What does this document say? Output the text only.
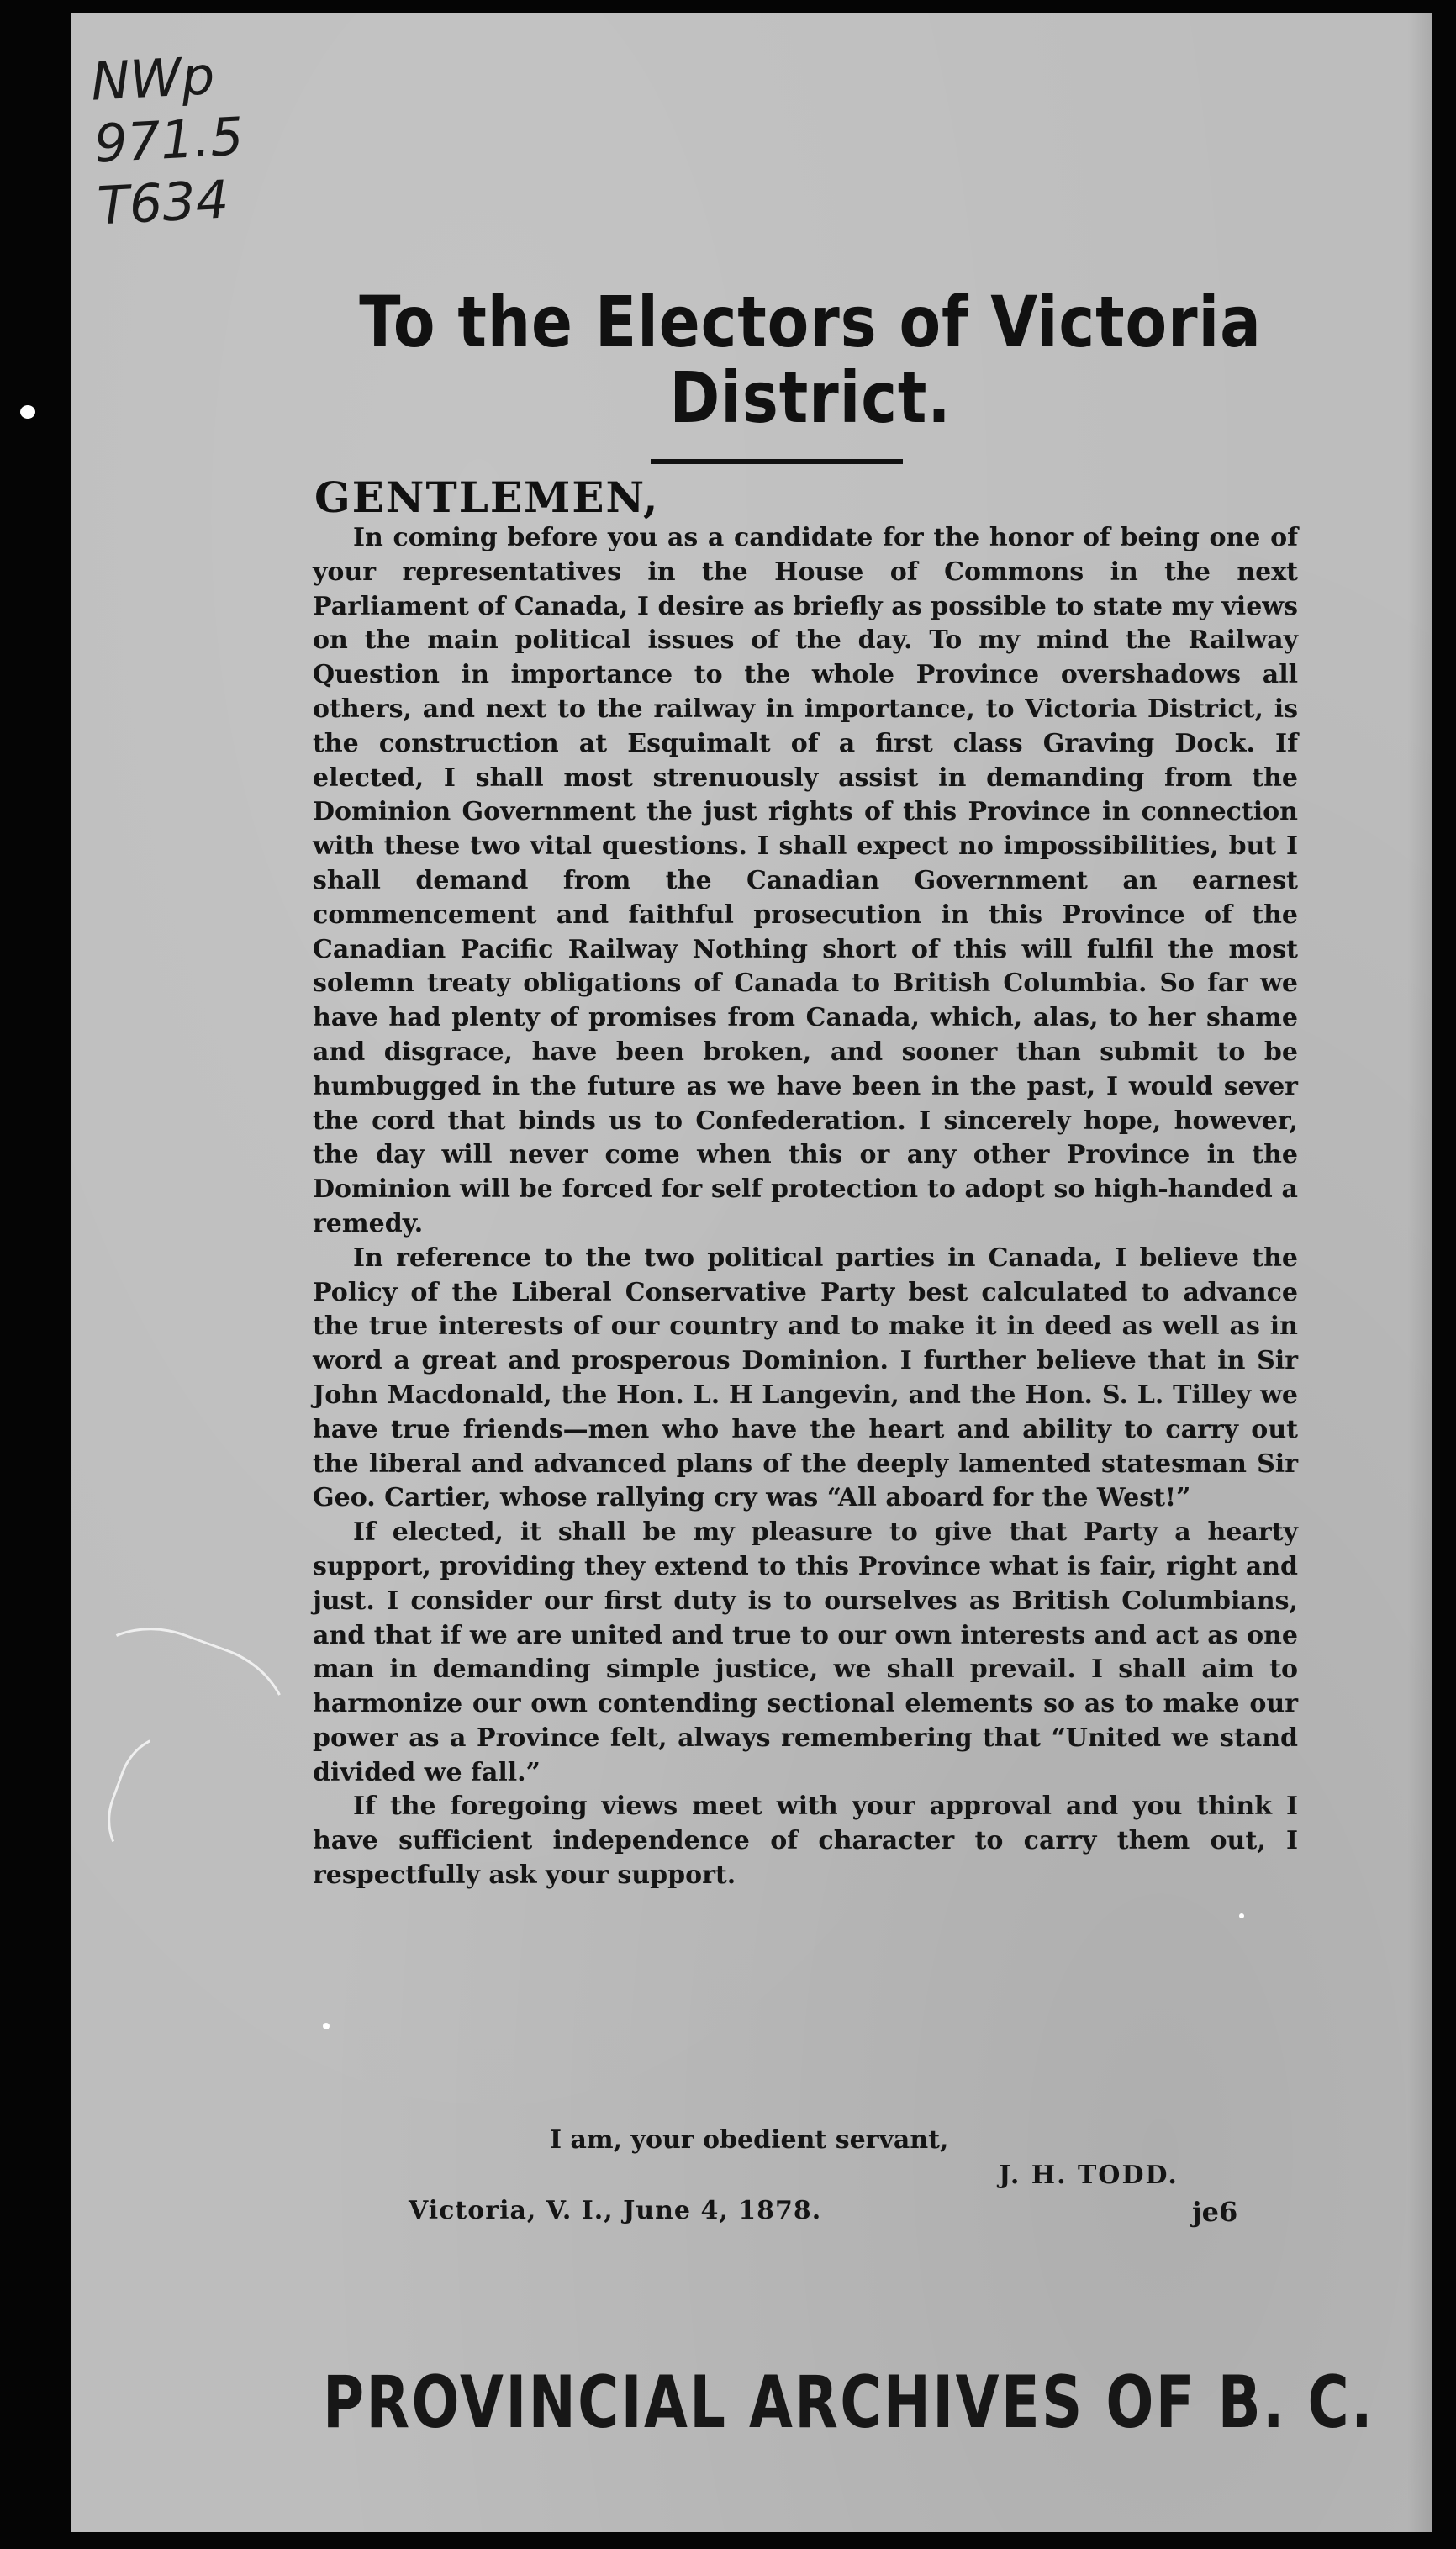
NWp
971.5
T634
To the Electors of Victoria
District.
GENTLEMEN,

In coming before you as a candidate for the honor of being one of your representatives in the House of Commons in the next Parliament of Canada, I desire as briefly as possible to state my views on the main political issues of the day. To my mind the Railway Question in importance to the whole Province overshadows all others, and next to the railway in importance, to Victoria District, is the construction at Esquimalt of a first class Graving Dock. If elected, I shall most strenuously assist in demanding from the Dominion Government the just rights of this Province in connection with these two vital questions. I shall expect no impossibilities, but I shall demand from the Canadian Government an earnest commencement and faithful prosecution in this Province of the Canadian Pacific Railway Nothing short of this will fulfil the most solemn treaty obligations of Canada to British Columbia. So far we have had plenty of promises from Canada, which, alas, to her shame and disgrace, have been broken, and sooner than submit to be humbugged in the future as we have been in the past, I would sever the cord that binds us to Confederation. I sincerely hope, however, the day will never come when this or any other Province in the Dominion will be forced for self protection to adopt so high-handed a remedy.

In reference to the two political parties in Canada, I believe the Policy of the Liberal Conservative Party best calculated to advance the true interests of our country and to make it in deed as well as in word a great and prosperous Dominion. I further believe that in Sir John Macdonald, the Hon. L. H Langevin, and the Hon. S. L. Tilley we have true friends—men who have the heart and ability to carry out the liberal and advanced plans of the deeply lamented statesman Sir Geo. Cartier, whose rallying cry was “All aboard for the West!”

If elected, it shall be my pleasure to give that Party a hearty support, providing they extend to this Province what is fair, right and just. I consider our first duty is to ourselves as British Columbians, and that if we are united and true to our own interests and act as one man in demanding simple justice, we shall prevail. I shall aim to harmonize our own contending sectional elements so as to make our power as a Province felt, always remembering that “United we stand divided we fall.”

If the foregoing views meet with your approval and you think I have sufficient independence of character to carry them out, I respectfully ask your support.

I am, your obedient servant,
J. H. TODD.
Victoria, V. I., June 4, 1878.	je6
PROVINCIAL ARCHIVES OF B. C.
